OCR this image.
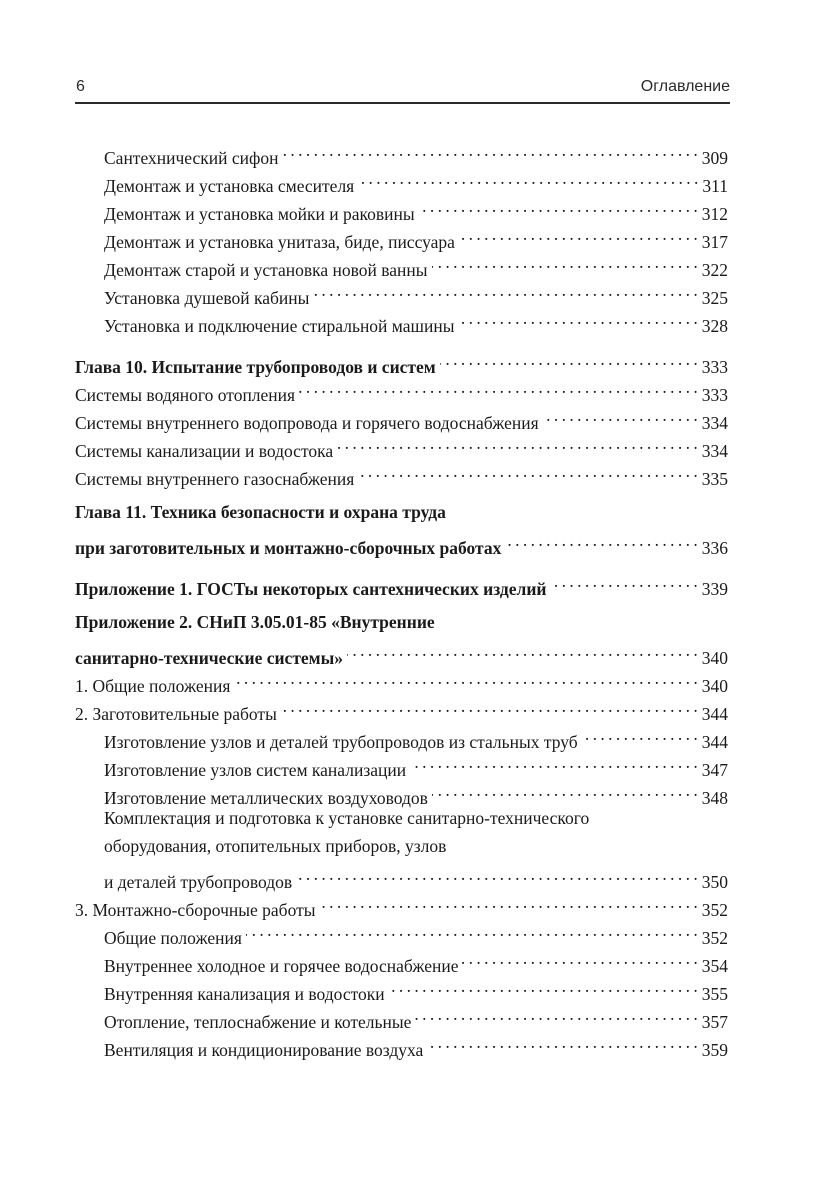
6	Оглавление
Сантехнический сифон . . .	309
Демонтаж и установка смесителя . . .	311
Демонтаж и установка мойки и раковины . . .	312
Демонтаж и установка унитаза, биде, писсуара . . .	317
Демонтаж старой и установка новой ванны . . .	322
Установка душевой кабины . . .	325
Установка и подключение стиральной машины . . .	328
Глава 10. Испытание трубопроводов и систем . . .	333
Системы водяного отопления . . .	333
Системы внутреннего водопровода и горячего водоснабжения . . .	334
Системы канализации и водостока . . .	334
Системы внутреннего газоснабжения . . .	335
Глава 11. Техника безопасности и охрана труда
при заготовительных и монтажно-сборочных работах . . .	336
Приложение 1. ГОСТы некоторых сантехнических изделий . . .	339
Приложение 2. СНиП 3.05.01-85 «Внутренние
санитарно-технические системы» . . .	340
1. Общие положения . . .	340
2. Заготовительные работы . . .	344
Изготовление узлов и деталей трубопроводов из стальных труб . . .	344
Изготовление узлов систем канализации . . .	347
Изготовление металлических воздуховодов . . .	348
Комплектация и подготовка к установке санитарно-технического
оборудования, отопительных приборов, узлов
и деталей трубопроводов . . .	350
3. Монтажно-сборочные работы . . .	352
Общие положения . . .	352
Внутреннее холодное и горячее водоснабжение . . .	354
Внутренняя канализация и водостоки . . .	355
Отопление, теплоснабжение и котельные . . .	357
Вентиляция и кондиционирование воздуха . . .	359
